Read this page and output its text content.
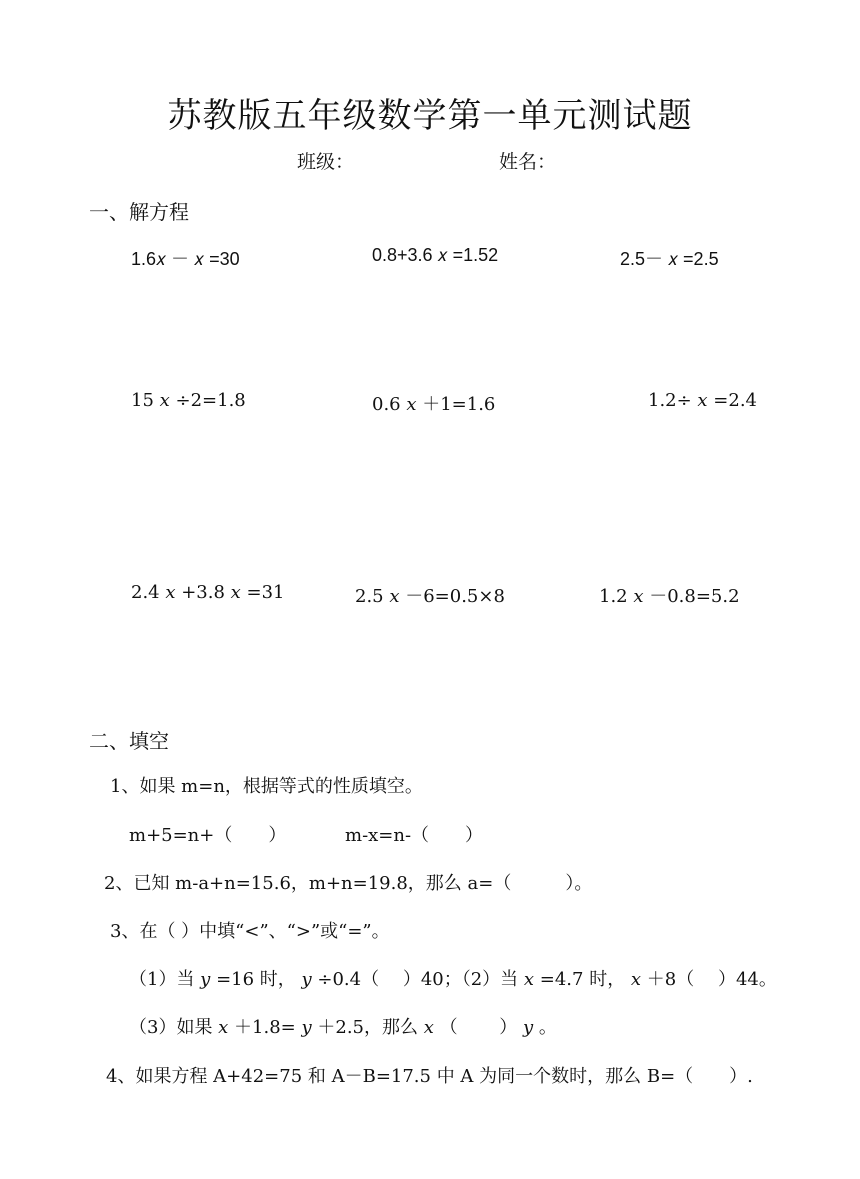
苏教版五年级数学第一单元测试题
班级：	姓名：
一、解方程
1.6𝑥 － 𝑥 =30	0.8+3.6 𝑥 =1.52	2.5－ 𝑥 =2.5
15 𝑥 ÷2=1.8	0.6 𝑥 ＋1=1.6	1.2÷ 𝑥 =2.4
2.4 𝑥 +3.8 𝑥 =31	2.5 𝑥 －6=0.5×8	1.2 𝑥 －0.8=5.2
二、填空
1、如果 m=n，根据等式的性质填空。
m+5=n+（　　）	m-x=n-（　　）
2、已知 m-a+n=15.6，m+n=19.8，那么 a=（　　　）。
3、在（ ）中填“<”、“>”或“=”。
（1）当 𝑦 =16 时， 𝑦 ÷0.4（　 ）40；（2）当 𝑥 =4.7 时， 𝑥 ＋8（　 ）44。
（3）如果 𝑥 ＋1.8= 𝑦 ＋2.5，那么 𝑥 （　　 ） 𝑦 。
4、如果方程 A+42=75 和 A－B=17.5 中 A 为同一个数时，那么 B=（　　）.
